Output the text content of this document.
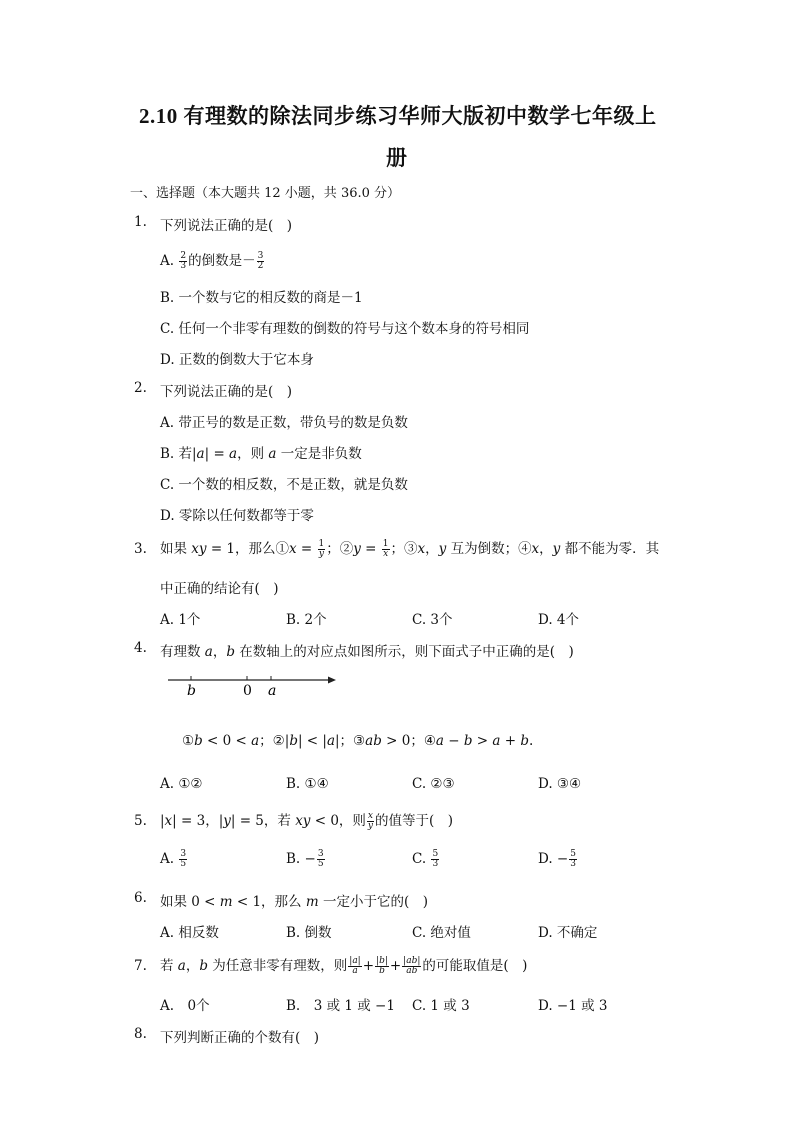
2.10 有理数的除法同步练习华师大版初中数学七年级上
册
一、选择题（本大题共 12 小题，共 36.0 分）
1. 下列说法正确的是(　)
A. $\frac{2}{3}$ 的倒数是－ $\frac{3}{2}$
B. 一个数与它的相反数的商是－1
C. 任何一个非零有理数的倒数的符号与这个数本身的符号相同
D. 正数的倒数大于它本身
2. 下列说法正确的是(　)
A. 带正号的数是正数，带负号的数是负数
B. 若|𝑎| = 𝑎，则 𝑎 一定是非负数
C. 一个数的相反数，不是正数，就是负数
D. 零除以任何数都等于零
3. 如果 𝑥𝑦 = 1，那么①𝑥 = $\frac{1}{\text{𝑦}}$ ；②𝑦 = $\frac{1}{\text{𝑥}}$ ；③𝑥，𝑦 互为倒数；④𝑥，𝑦 都不能为零．其
中正确的结论有(　)
A. 1个	B. 2个	C. 3个	D. 4个
4. 有理数 𝑎，𝑏 在数轴上的对应点如图所示，则下面式子中正确的是(　)
𝑏	0 𝑎
①𝑏 < 0 < 𝑎；②|𝑏| < |𝑎|；③𝑎𝑏 > 0；④𝑎 − 𝑏 > 𝑎 + 𝑏.
A. ①②	B. ①④	C. ②③	D. ③④
5. |𝑥| = 3，|𝑦| = 5，若 𝑥𝑦 < 0，则 $\frac{\text{𝑥}}{\text{𝑦}}$ 的值等于(　)
A. $\frac{3}{5}$	B. − $\frac{3}{5}$	C. $\frac{5}{3}$	D. − $\frac{5}{3}$
6. 如果 0 < 𝑚 < 1，那么 𝑚 一定小于它的(　)
A. 相反数	B. 倒数	C. 绝对值	D. 不确定
7. 若 𝑎，𝑏 为任意非零有理数，则 $\frac{\text{|𝑎|}}{\text{𝑎}} + \frac{\text{|𝑏|}}{\text{𝑏}} + \frac{\text{|𝑎𝑏|}}{\text{𝑎𝑏}}$ 的可能取值是(　)
A.　0个	B.　3 或 1 或 −1 C. 1 或 3	D. −1 或 3
8. 下列判断正确的个数有(　)
